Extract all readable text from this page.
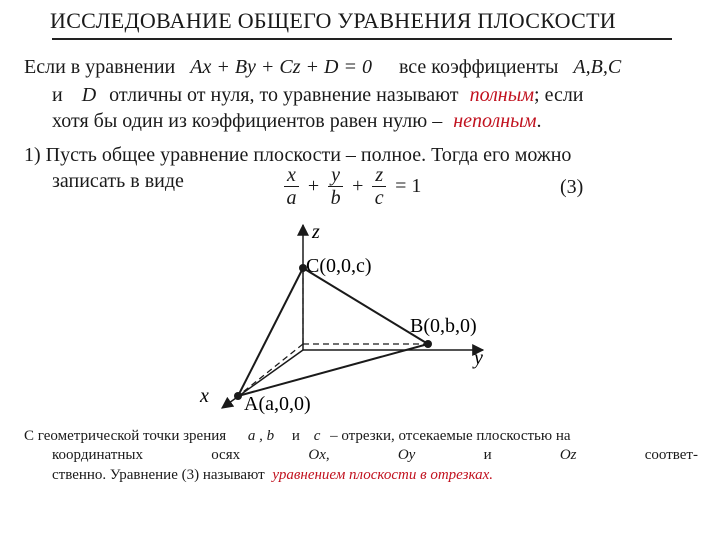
ИССЛЕДОВАНИЕ ОБЩЕГО УРАВНЕНИЯ ПЛОСКОСТИ
Если в уравнении Ax + By + Cz + D = 0 все коэффициенты A,B,C
и D отличны от нуля, то уравнение называют полным; если
хотя бы один из коэффициентов равен нулю – неполным.
1) Пусть общее уравнение плоскости – полное. Тогда его можно
записать в виде	$\frac{x}{a} + \frac{y}{b} + \frac{z}{c} = 1$	(3)
z
y
x
C(0,0,c)
B(0,b,0)
A(a,0,0)
С геометрической точки зрения a , b и c – отрезки, отсекаемые плоскостью на
координатных	осях	Ox,	Oy	и	Oz	соответ-
ственно. Уравнение (3) называют уравнением плоскости в отрезках.
